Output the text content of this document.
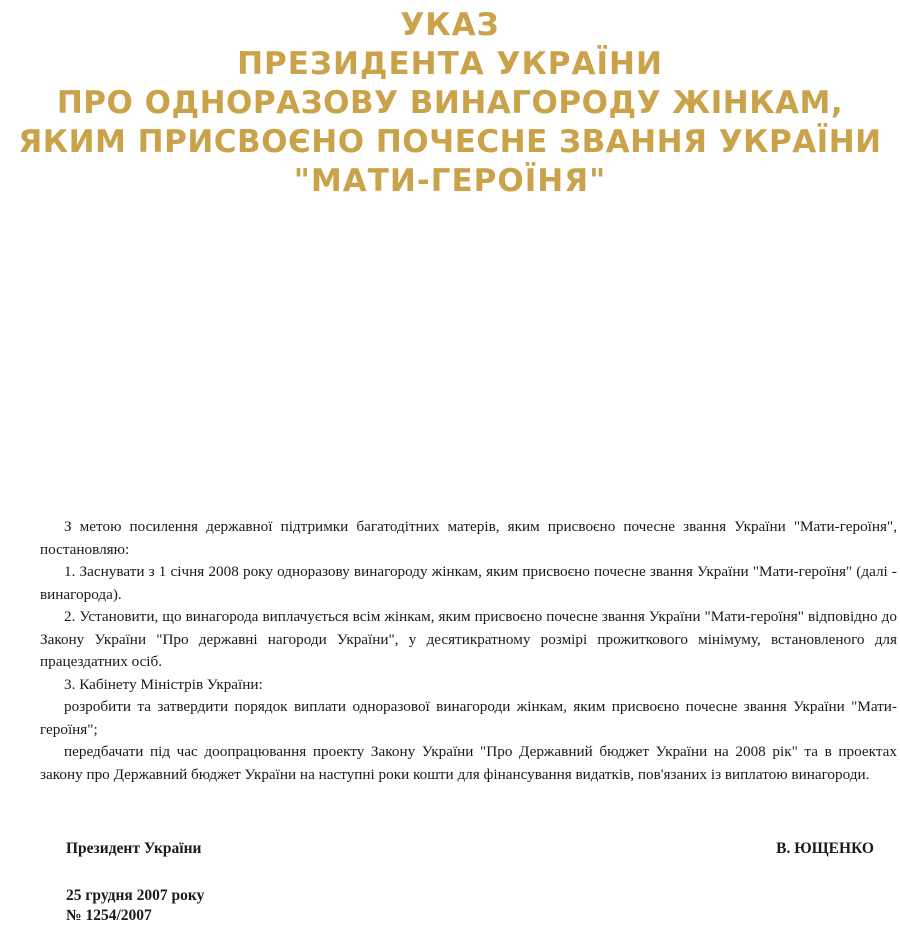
УКАЗ
ПРЕЗИДЕНТА УКРАЇНИ
ПРО ОДНОРАЗОВУ ВИНАГОРОДУ ЖІНКАМ,
ЯКИМ ПРИСВОЄНО ПОЧЕСНЕ ЗВАННЯ УКРАЇНИ
"МАТИ-ГЕРОЇНЯ"

З метою посилення державної підтримки багатодітних матерів, яким присвоєно почесне звання України "Мати-героїня", постановляю:

1. Заснувати з 1 січня 2008 року одноразову винагороду жінкам, яким присвоєно почесне звання України "Мати-героїня" (далі - винагорода).

2. Установити, що винагорода виплачується всім жінкам, яким присвоєно почесне звання України "Мати-героїня" відповідно до Закону України "Про державні нагороди України", у десятикратному розмірі прожиткового мінімуму, встановленого для працездатних осіб.

3. Кабінету Міністрів України:

розробити та затвердити порядок виплати одноразової винагороди жінкам, яким присвоєно почесне звання України "Мати-героїня";

передбачати під час доопрацювання проекту Закону України "Про Державний бюджет України на 2008 рік" та в проектах закону про Державний бюджет України на наступні роки кошти для фінансування видатків, пов'язаних із виплатою винагороди.

Президент України	В. ЮЩЕНКО
25 грудня 2007 року
№ 1254/2007
